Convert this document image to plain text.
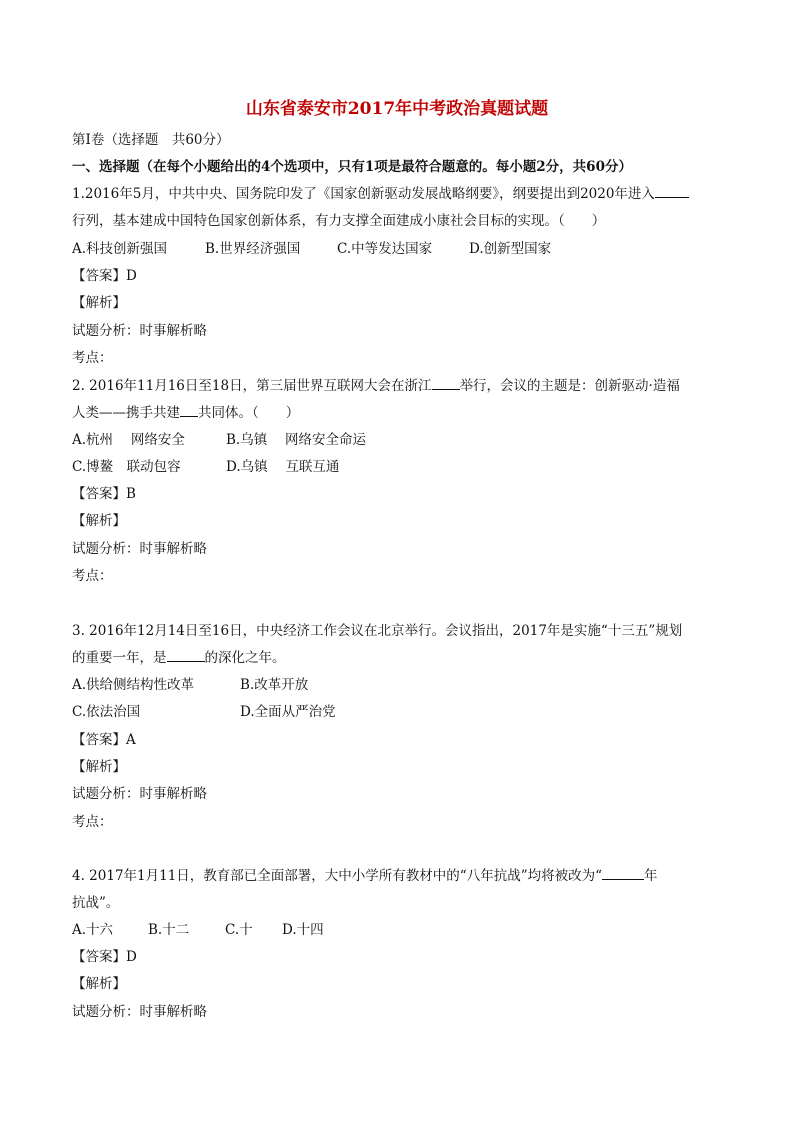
山东省泰安市2017年中考政治真题试题
第Ⅰ卷（选择题　共60分）
一、选择题（在每个小题给出的4个选项中，只有1项是最符合题意的。每小题2分，共60分）
1.2016年5月，中共中央、国务院印发了《国家创新驱动发展战略纲要》，纲要提出到2020年进入
行列，基本建成中国特色国家创新体系，有力支撑全面建成小康社会目标的实现。（　　）
A.科技创新强国	B.世界经济强国	C.中等发达国家	D.创新型国家
【答案】D
【解析】
试题分析：时事解析略
考点：
2. 2016年11月16日至18日，第三届世界互联网大会在浙江 举行，会议的主题是：创新驱动·造福
人类——携手共建 共同体。（　　）
A.杭州　 网络安全	B.乌镇　 网络安全命运
C.博鳌　联动包容	D.乌镇　 互联互通
【答案】B
【解析】
试题分析：时事解析略
考点：
3. 2016年12月14日至16日，中央经济工作会议在北京举行。会议指出，2017年是实施“十三五”规划
的重要一年，是	的深化之年。
A.供给侧结构性改革	B.改革开放
C.依法治国	D.全面从严治党
【答案】A
【解析】
试题分析：时事解析略
考点：
4. 2017年1月11日，教育部已全面部署，大中小学所有教材中的“八年抗战”均将被改为“	年
抗战”。
A.十六	B.十二	C.十 D.十四
【答案】D
【解析】
试题分析：时事解析略
